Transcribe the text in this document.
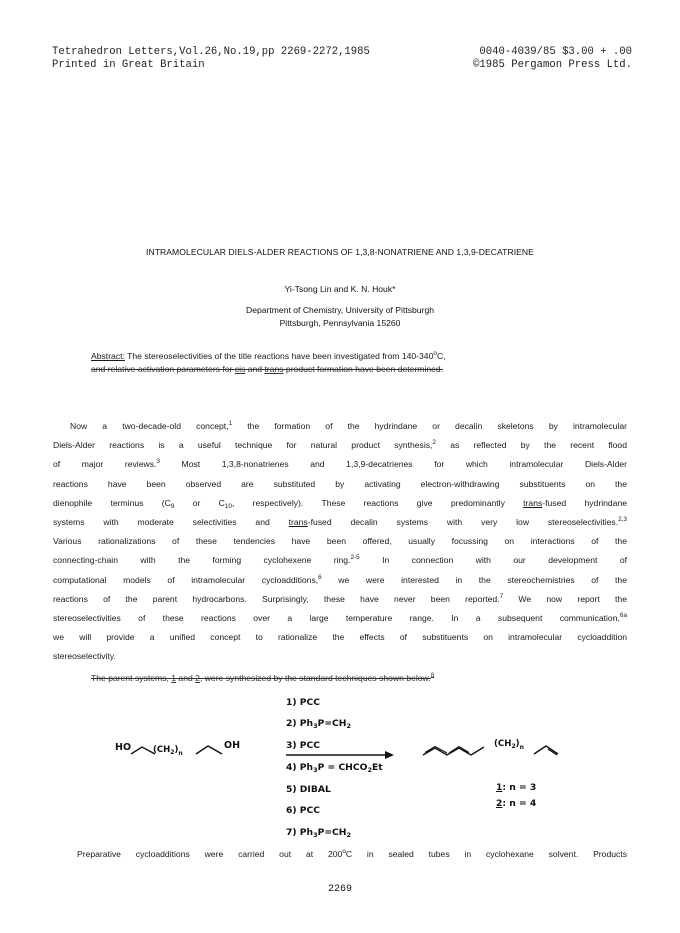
Tetrahedron Letters,Vol.26,No.19,pp 2269-2272,1985	0040-4039/85 $3.00 + .00
Printed in Great Britain	©1985 Pergamon Press Ltd.
INTRAMOLECULAR DIELS-ALDER REACTIONS OF 1,3,8-NONATRIENE AND 1,3,9-DECATRIENE
Yi-Tsong Lin and K. N. Houk*
Department of Chemistry, University of Pittsburgh
Pittsburgh, Pennsylvania 15260
Abstract: The stereoselectivities of the title reactions have been investigated from 140-340$^o$C,
and relative activation parameters for cis and trans product formation have been determined.
Now a two-decade-old concept,$^1$ the formation of the hydrindane or decalin skeletons by intramolecular
Diels-Alder reactions is a useful technique for natural product synthesis,$^2$ as reflected by the recent flood
of major reviews.$^3$ Most 1,3,8-nonatrienes and 1,3,9-decatrienes for which intramolecular Diels-Alder
reactions have been observed are substituted by activating electron-withdrawing substituents on the
dienophile terminus ($C_9$ or $C_{10}$, respectively). These reactions give predominantly trans-fused hydrindane
systems with moderate selectivities and trans-fused decalin systems with very low stereoselectivities.$^{2,3}$
Various rationalizations of these tendencies have been offered, usually focussing on interactions of the
connecting-chain with the forming cyclohexene ring.$^{2-5}$ In connection with our development of
computational models of intramolecular cycloadditions,$^6$ we were interested in the stereochemistries of the
reactions of the parent hydrocarbons. Surprisingly, these have never been reported.$^7$ We now report the
stereoselectivities of these reactions over a large temperature range. In a subsequent communication,$^{6a}$
we will provide a unified concept to rationalize the effects of substituents on intramolecular cycloaddition
stereoselectivity.
The parent systems, 1 and 2, were synthesized by the standard techniques shown below.$^8$
HO	$(CH_2)_n$
OH
1) PCC
2) $Ph_3P=CH_2$
3) PCC
4) $Ph_3P$ = $CHCO_2Et$
5) DIBAL
6) PCC
7) $Ph_3P=CH_2$
$(CH_2)_n$
1: n = 3
2: n = 4
Preparative cycloadditions were carried out at 200$^o$C in sealed tubes in cyclohexane solvent. Products
2269
